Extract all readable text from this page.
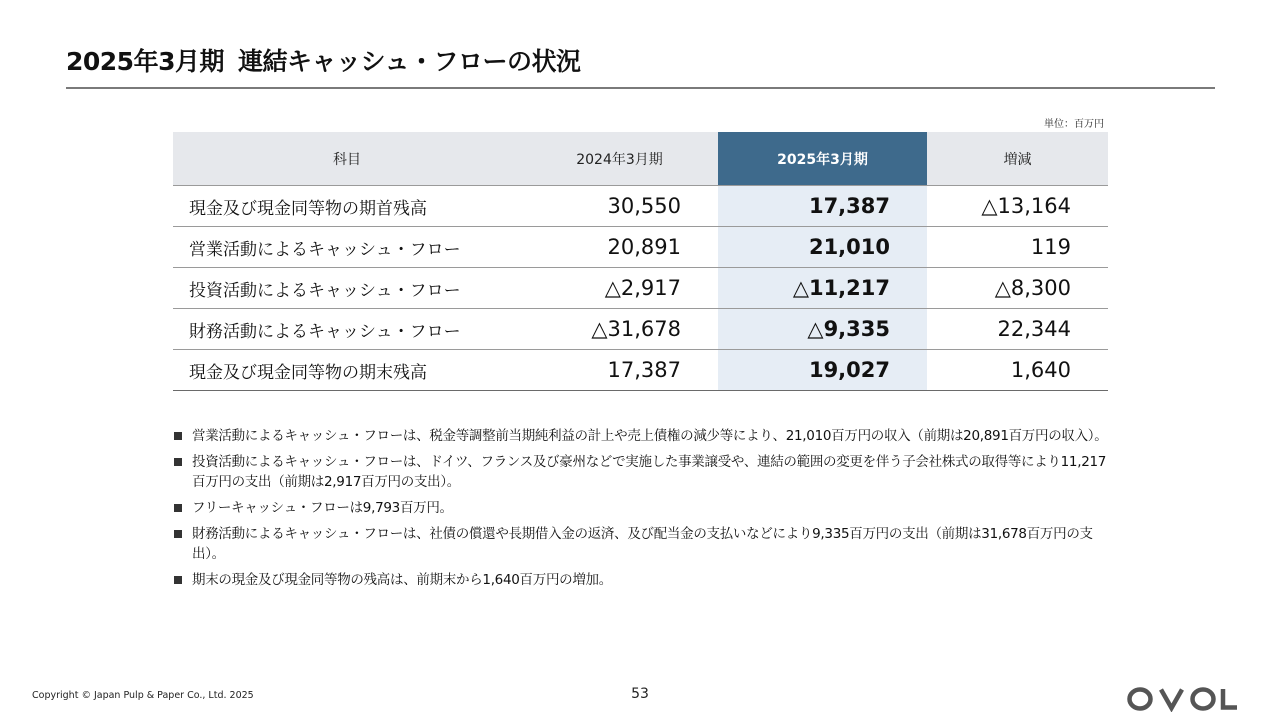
2025年3月期 連結キャッシュ・フローの状況
単位：百万円
科目	2024年3月期	2025年3月期	増減
現金及び現金同等物の期首残高	30,550	17,387	△13,164
営業活動によるキャッシュ・フロー	20,891	21,010	119
投資活動によるキャッシュ・フロー	△2,917	△11,217	△8,300
財務活動によるキャッシュ・フロー	△31,678	△9,335	22,344
現金及び現金同等物の期末残高	17,387	19,027	1,640
営業活動によるキャッシュ・フローは、税金等調整前当期純利益の計上や売上債権の減少等により、21,010百万円の収入（前期は20,891百万円の収入）。
投資活動によるキャッシュ・フローは、ドイツ、フランス及び豪州などで実施した事業譲受や、連結の範囲の変更を伴う子会社株式の取得等により11,217百万円の支出（前期は2,917百万円の支出）。
フリーキャッシュ・フローは9,793百万円。
財務活動によるキャッシュ・フローは、社債の償還や長期借入金の返済、及び配当金の支払いなどにより9,335百万円の支出（前期は31,678百万円の支出）。
期末の現金及び現金同等物の残高は、前期末から1,640百万円の増加。
Copyright © Japan Pulp & Paper Co., Ltd. 2025	53
